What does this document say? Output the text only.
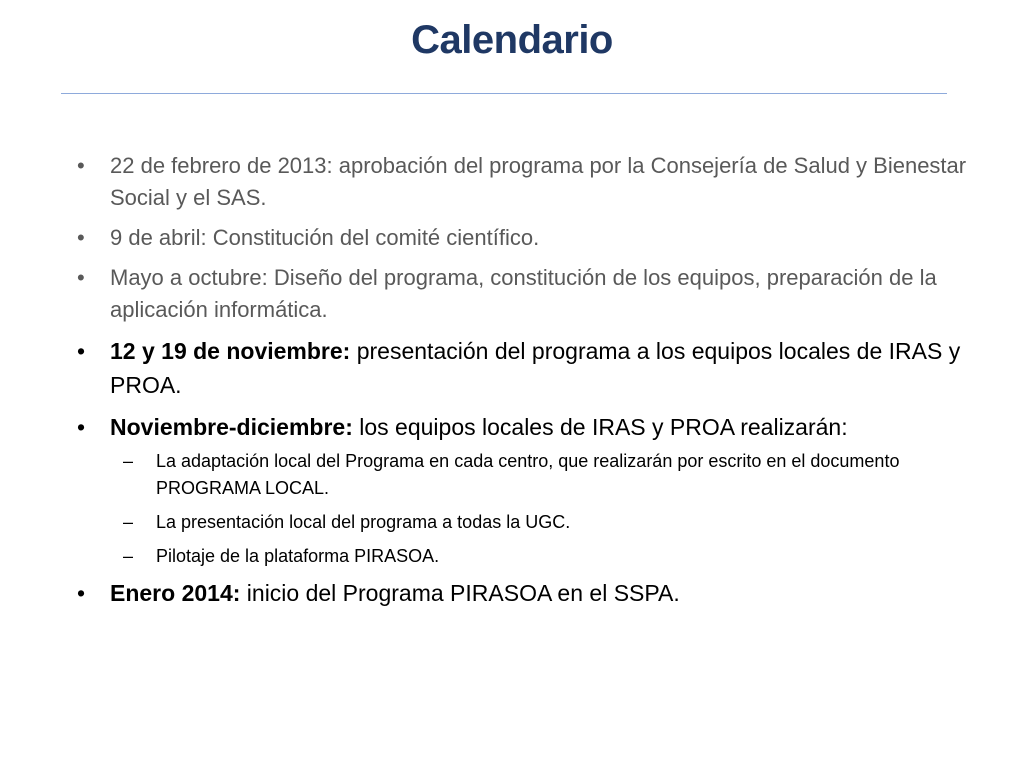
Calendario
•	22 de febrero de 2013: aprobación del programa por la Consejería de Salud y Bienestar Social y el SAS.
•	9 de abril: Constitución del comité científico.
•	Mayo a octubre: Diseño del programa, constitución de los equipos, preparación de la aplicación informática.
•	12 y 19 de noviembre: presentación del programa a los equipos locales de IRAS y PROA.
•	Noviembre-diciembre: los equipos locales de IRAS y PROA realizarán:
– La adaptación local del Programa en cada centro, que realizarán por escrito en el documento PROGRAMA LOCAL.
– La presentación local del programa a todas la UGC.
– Pilotaje de la plataforma PIRASOA.
•	Enero 2014: inicio del Programa PIRASOA en el SSPA.
